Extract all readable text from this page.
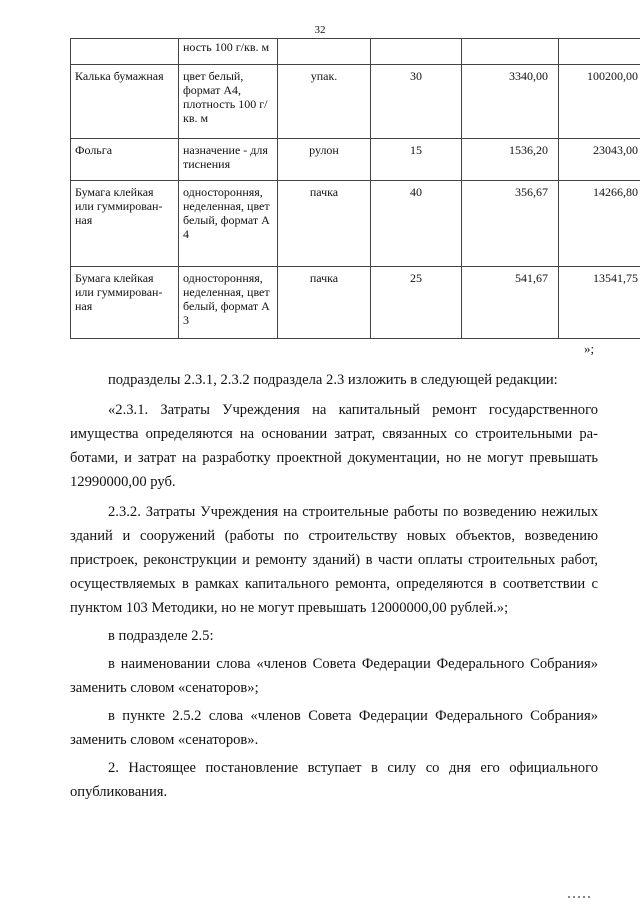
32
	ность 100 г/кв. м				
Калька бумажная	цвет белый, формат А4, плотность 100 г/кв. м	упак.	30	3340,00	100200,00
Фольга	назначение - для тиснения	рулон	15	1536,20	23043,00
Бумага клейкая или гуммирован-ная	односторонняя, неделенная, цвет белый, формат А 4	пачка	40	356,67	14266,80
Бумага клейкая или гуммирован-ная	односторонняя, неделенная, цвет белый, формат А 3	пачка	25	541,67	13541,75
»;

подразделы 2.3.1, 2.3.2 подраздела 2.3 изложить в следующей редакции:

«2.3.1. Затраты Учреждения на капитальный ремонт государственного имущества определяются на основании затрат, связанных со строительными ра-ботами, и затрат на разработку проектной документации, но не могут превышать 12990000,00 руб.

2.3.2. Затраты Учреждения на строительные работы по возведению нежилых зданий и сооружений (работы по строительству новых объектов, возведению пристроек, реконструкции и ремонту зданий) в части оплаты строительных работ, осуществляемых в рамках капитального ремонта, определяются в соответствии с пунктом 103 Методики, но не могут превышать 12000000,00 рублей.»;

в подразделе 2.5:

в наименовании слова «членов Совета Федерации Федерального Собрания» заменить словом «сенаторов»;

в пункте 2.5.2 слова «членов Совета Федерации Федерального Собрания» заменить словом «сенаторов».

2. Настоящее постановление вступает в силу со дня его официального опубликования.
